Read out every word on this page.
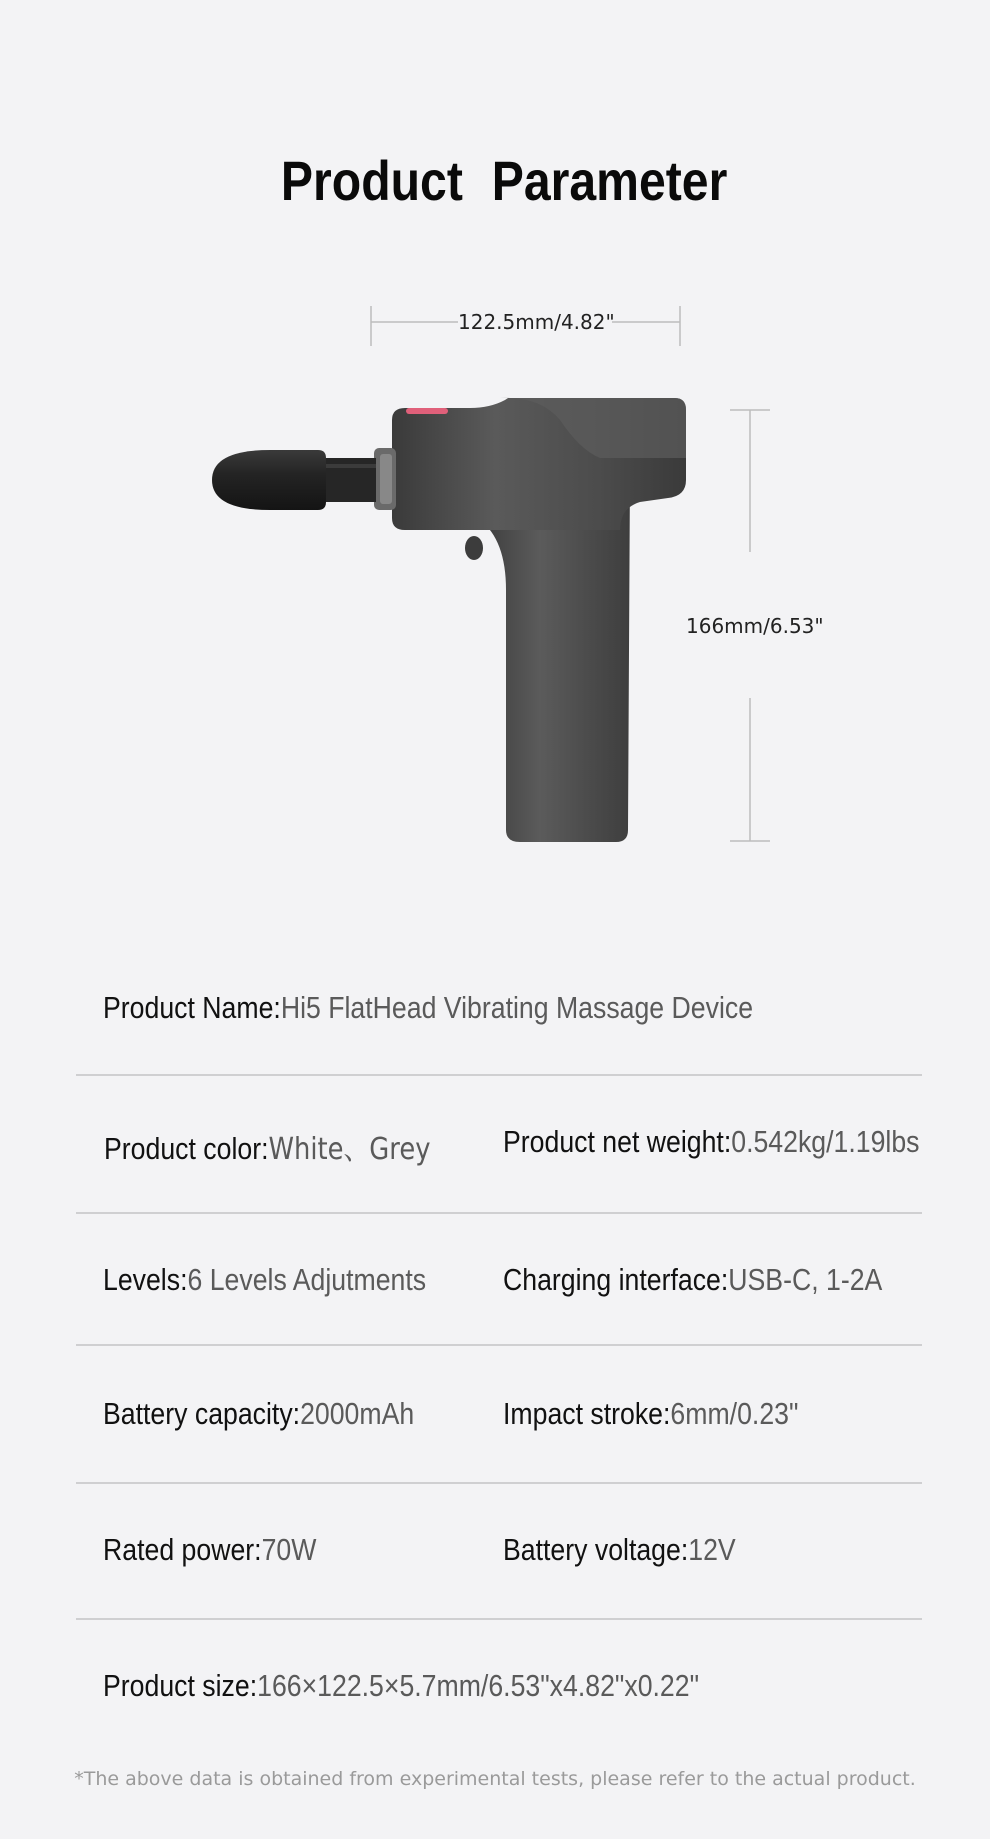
Product Parameter
122.5mm/4.82"
166mm/6.53"
Product Name:Hi5 FlatHead Vibrating Massage Device
Product color:White、Grey Product net weight:0.542kg/1.19lbs
Levels:6 Levels Adjutments Charging interface:USB-C, 1-2A
Battery capacity:2000mAh	Impact stroke:6mm/0.23"
Rated power:70W	Battery voltage:12V
Product size:166×122.5×5.7mm/6.53"x4.82"x0.22"
*The above data is obtained from experimental tests, please refer to the actual product.
